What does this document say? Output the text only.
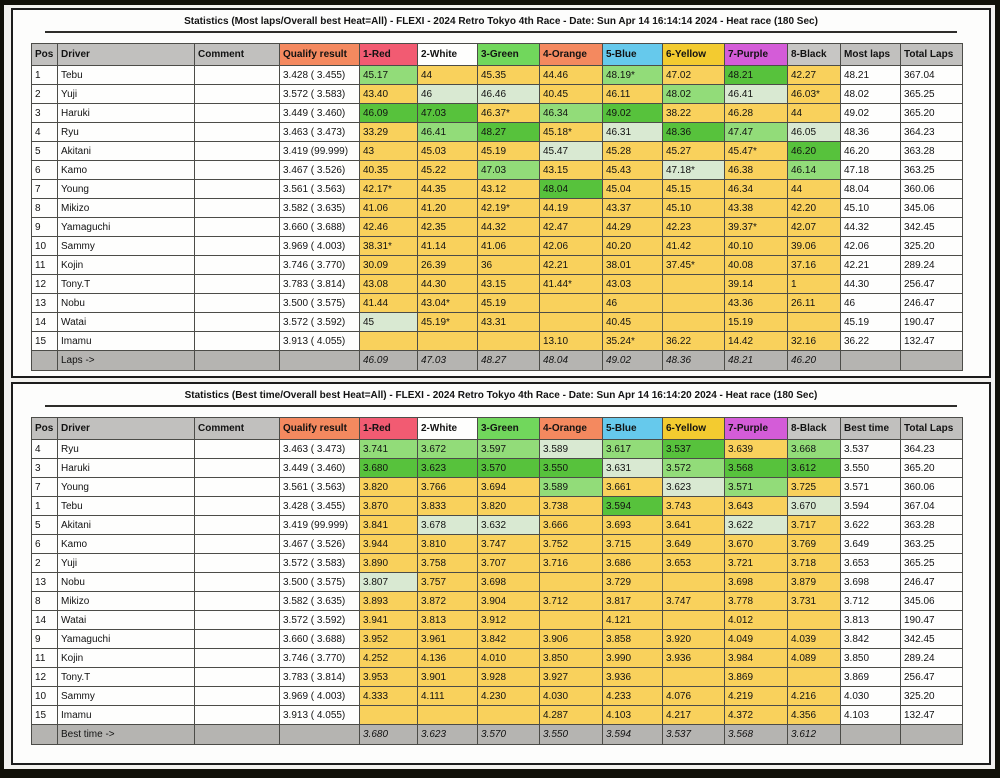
Statistics (Most laps/Overall best Heat=All) - FLEXI - 2024 Retro Tokyo 4th Race - Date: Sun Apr 14 16:14:14 2024 - Heat race (180 Sec)
Pos	Driver	Comment	Qualify result	1-Red	2-White	3-Green	4-Orange	5-Blue	6-Yellow	7-Purple	8-Black	Most laps	Total Laps
1	Tebu		3.428 ( 3.455)	45.17	44	45.35	44.46	48.19*	47.02	48.21	42.27	48.21	367.04
2	Yuji		3.572 ( 3.583)	43.40	46	46.46	40.45	46.11	48.02	46.41	46.03*	48.02	365.25
3	Haruki		3.449 ( 3.460)	46.09	47.03	46.37*	46.34	49.02	38.22	46.28	44	49.02	365.20
4	Ryu		3.463 ( 3.473)	33.29	46.41	48.27	45.18*	46.31	48.36	47.47	46.05	48.36	364.23
5	Akitani		3.419 (99.999)	43	45.03	45.19	45.47	45.28	45.27	45.47*	46.20	46.20	363.28
6	Kamo		3.467 ( 3.526)	40.35	45.22	47.03	43.15	45.43	47.18*	46.38	46.14	47.18	363.25
7	Young		3.561 ( 3.563)	42.17*	44.35	43.12	48.04	45.04	45.15	46.34	44	48.04	360.06
8	Mikizo		3.582 ( 3.635)	41.06	41.20	42.19*	44.19	43.37	45.10	43.38	42.20	45.10	345.06
9	Yamaguchi		3.660 ( 3.688)	42.46	42.35	44.32	42.47	44.29	42.23	39.37*	42.07	44.32	342.45
10	Sammy		3.969 ( 4.003)	38.31*	41.14	41.06	42.06	40.20	41.42	40.10	39.06	42.06	325.20
11	Kojin		3.746 ( 3.770)	30.09	26.39	36	42.21	38.01	37.45*	40.08	37.16	42.21	289.24
12	Tony.T		3.783 ( 3.814)	43.08	44.30	43.15	41.44*	43.03		39.14	1	44.30	256.47
13	Nobu		3.500 ( 3.575)	41.44	43.04*	45.19		46		43.36	26.11	46	246.47
14	Watai		3.572 ( 3.592)	45	45.19*	43.31		40.45		15.19		45.19	190.47
15	Imamu		3.913 ( 4.055)				13.10	35.24*	36.22	14.42	32.16	36.22	132.47
	Laps ->			46.09	47.03	48.27	48.04	49.02	48.36	48.21	46.20		
Statistics (Best time/Overall best Heat=All) - FLEXI - 2024 Retro Tokyo 4th Race - Date: Sun Apr 14 16:14:20 2024 - Heat race (180 Sec)
Pos	Driver	Comment	Qualify result	1-Red	2-White	3-Green	4-Orange	5-Blue	6-Yellow	7-Purple	8-Black	Best time	Total Laps
4	Ryu		3.463 ( 3.473)	3.741	3.672	3.597	3.589	3.617	3.537	3.639	3.668	3.537	364.23
3	Haruki		3.449 ( 3.460)	3.680	3.623	3.570	3.550	3.631	3.572	3.568	3.612	3.550	365.20
7	Young		3.561 ( 3.563)	3.820	3.766	3.694	3.589	3.661	3.623	3.571	3.725	3.571	360.06
1	Tebu		3.428 ( 3.455)	3.870	3.833	3.820	3.738	3.594	3.743	3.643	3.670	3.594	367.04
5	Akitani		3.419 (99.999)	3.841	3.678	3.632	3.666	3.693	3.641	3.622	3.717	3.622	363.28
6	Kamo		3.467 ( 3.526)	3.944	3.810	3.747	3.752	3.715	3.649	3.670	3.769	3.649	363.25
2	Yuji		3.572 ( 3.583)	3.890	3.758	3.707	3.716	3.686	3.653	3.721	3.718	3.653	365.25
13	Nobu		3.500 ( 3.575)	3.807	3.757	3.698		3.729		3.698	3.879	3.698	246.47
8	Mikizo		3.582 ( 3.635)	3.893	3.872	3.904	3.712	3.817	3.747	3.778	3.731	3.712	345.06
14	Watai		3.572 ( 3.592)	3.941	3.813	3.912		4.121		4.012		3.813	190.47
9	Yamaguchi		3.660 ( 3.688)	3.952	3.961	3.842	3.906	3.858	3.920	4.049	4.039	3.842	342.45
11	Kojin		3.746 ( 3.770)	4.252	4.136	4.010	3.850	3.990	3.936	3.984	4.089	3.850	289.24
12	Tony.T		3.783 ( 3.814)	3.953	3.901	3.928	3.927	3.936		3.869		3.869	256.47
10	Sammy		3.969 ( 4.003)	4.333	4.111	4.230	4.030	4.233	4.076	4.219	4.216	4.030	325.20
15	Imamu		3.913 ( 4.055)				4.287	4.103	4.217	4.372	4.356	4.103	132.47
	Best time ->			3.680	3.623	3.570	3.550	3.594	3.537	3.568	3.612		
